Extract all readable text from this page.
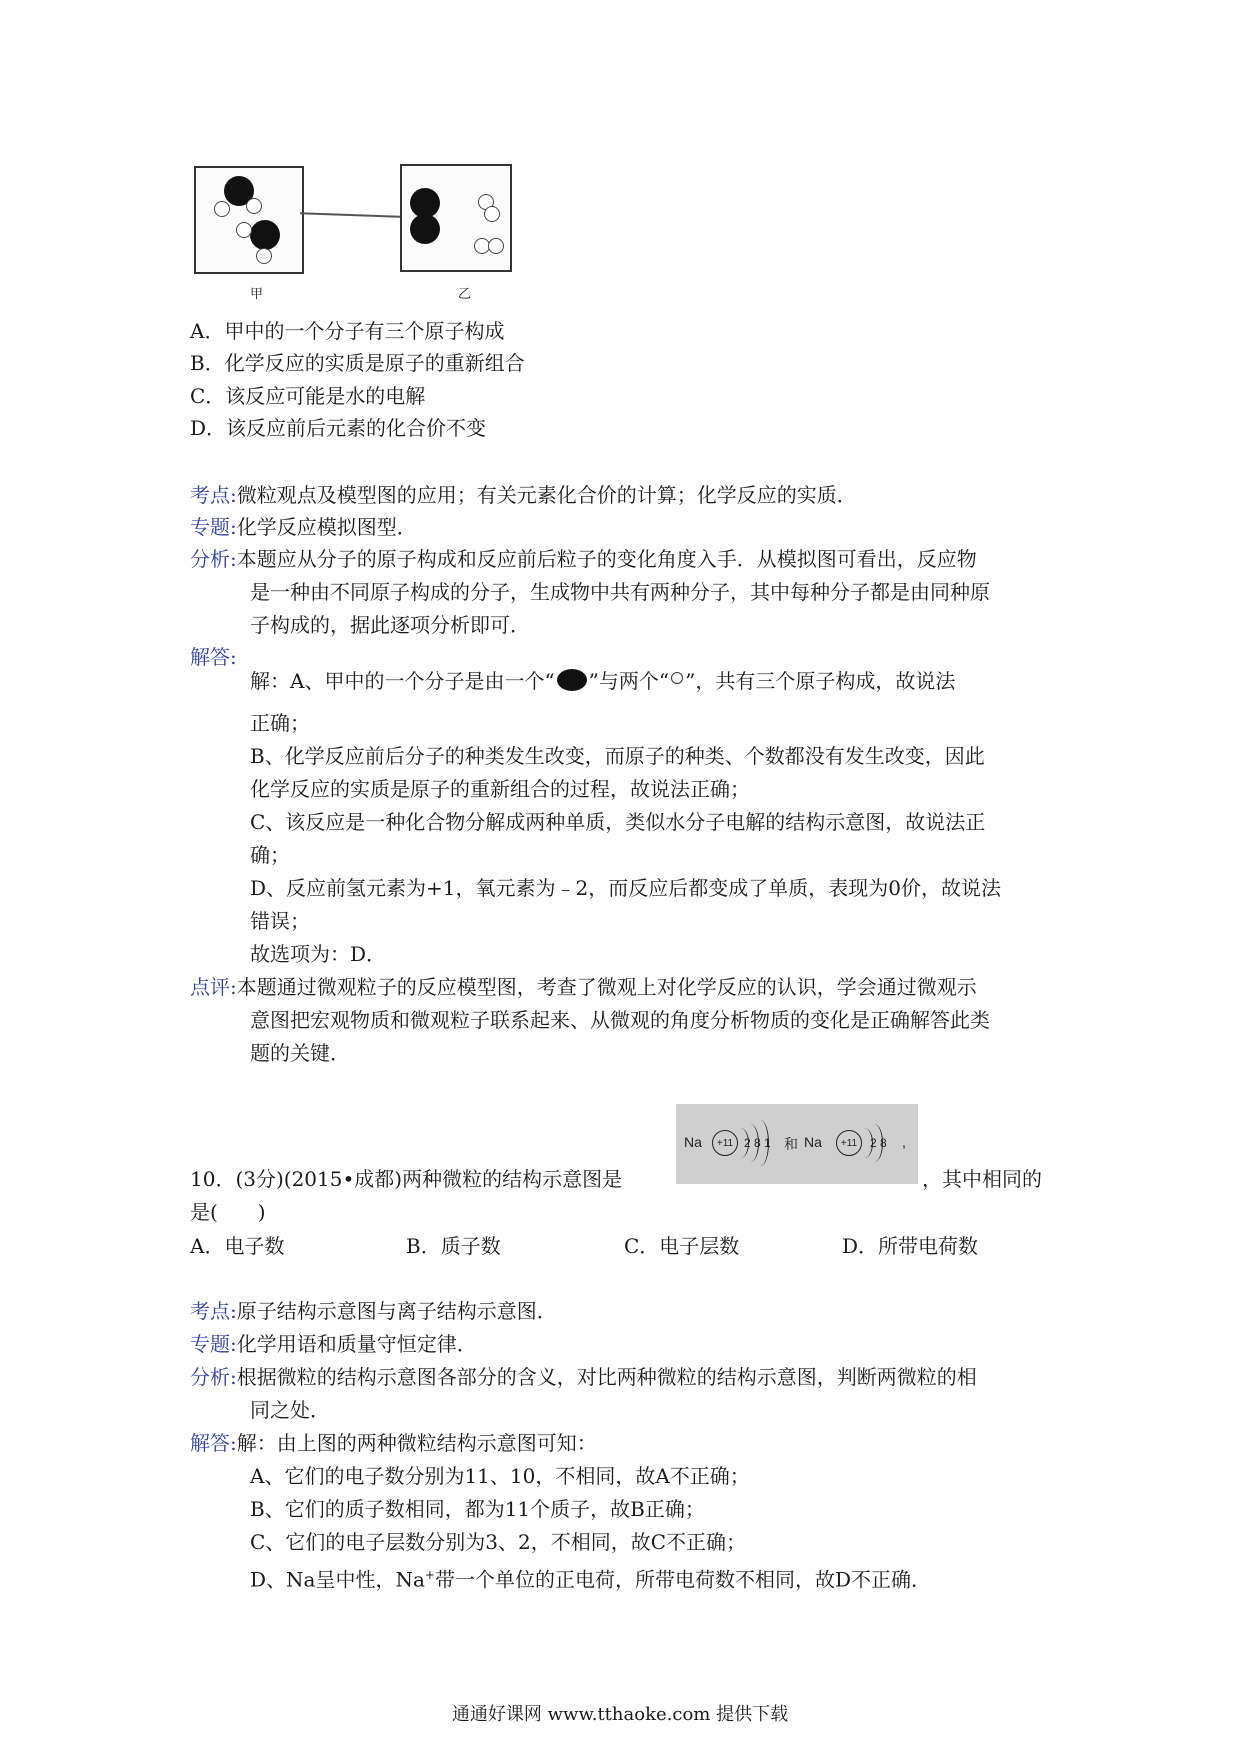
甲	乙
A．甲中的一个分子有三个原子构成
B．化学反应的实质是原子的重新组合
C．该反应可能是水的电解
D．该反应前后元素的化合价不变
考点:微粒观点及模型图的应用；有关元素化合价的计算；化学反应的实质．
专题:化学反应模拟图型．
分析:本题应从分子的原子构成和反应前后粒子的变化角度入手．从模拟图可看出，反应物
是一种由不同原子构成的分子，生成物中共有两种分子，其中每种分子都是由同种原
子构成的，据此逐项分析即可．
解答:
解：A、甲中的一个分子是由一个“ ”与两个“ ”，共有三个原子构成，故说法
正确；
B、化学反应前后分子的种类发生改变，而原子的种类、个数都没有发生改变，因此
化学反应的实质是原子的重新组合的过程，故说法正确；
C、该反应是一种化合物分解成两种单质，类似水分子电解的结构示意图，故说法正
确；
D、反应前氢元素为+1，氧元素为﹣2，而反应后都变成了单质，表现为0价，故说法
错误；
故选项为：D．
点评:本题通过微观粒子的反应模型图，考查了微观上对化学反应的认识，学会通过微观示
意图把宏观物质和微观粒子联系起来、从微观的角度分析物质的变化是正确解答此类
题的关键．
Na	+11 2 8 1 和 Na	+11	2 8 ,
10．(3分)(2015•成都)两种微粒的结构示意图是	，其中相同的
是(　　)
A．电子数	B．质子数	C．电子层数	D．所带电荷数
考点:原子结构示意图与离子结构示意图．
专题:化学用语和质量守恒定律．
分析:根据微粒的结构示意图各部分的含义，对比两种微粒的结构示意图，判断两微粒的相
同之处．
解答:解：由上图的两种微粒结构示意图可知：
A、它们的电子数分别为11、10，不相同，故A不正确；
B、它们的质子数相同，都为11个质子，故B正确；
C、它们的电子层数分别为3、2，不相同，故C不正确；
D、Na呈中性，Na+带一个单位的正电荷，所带电荷数不相同，故D不正确．
通通好课网 www.tthaoke.com 提供下载
